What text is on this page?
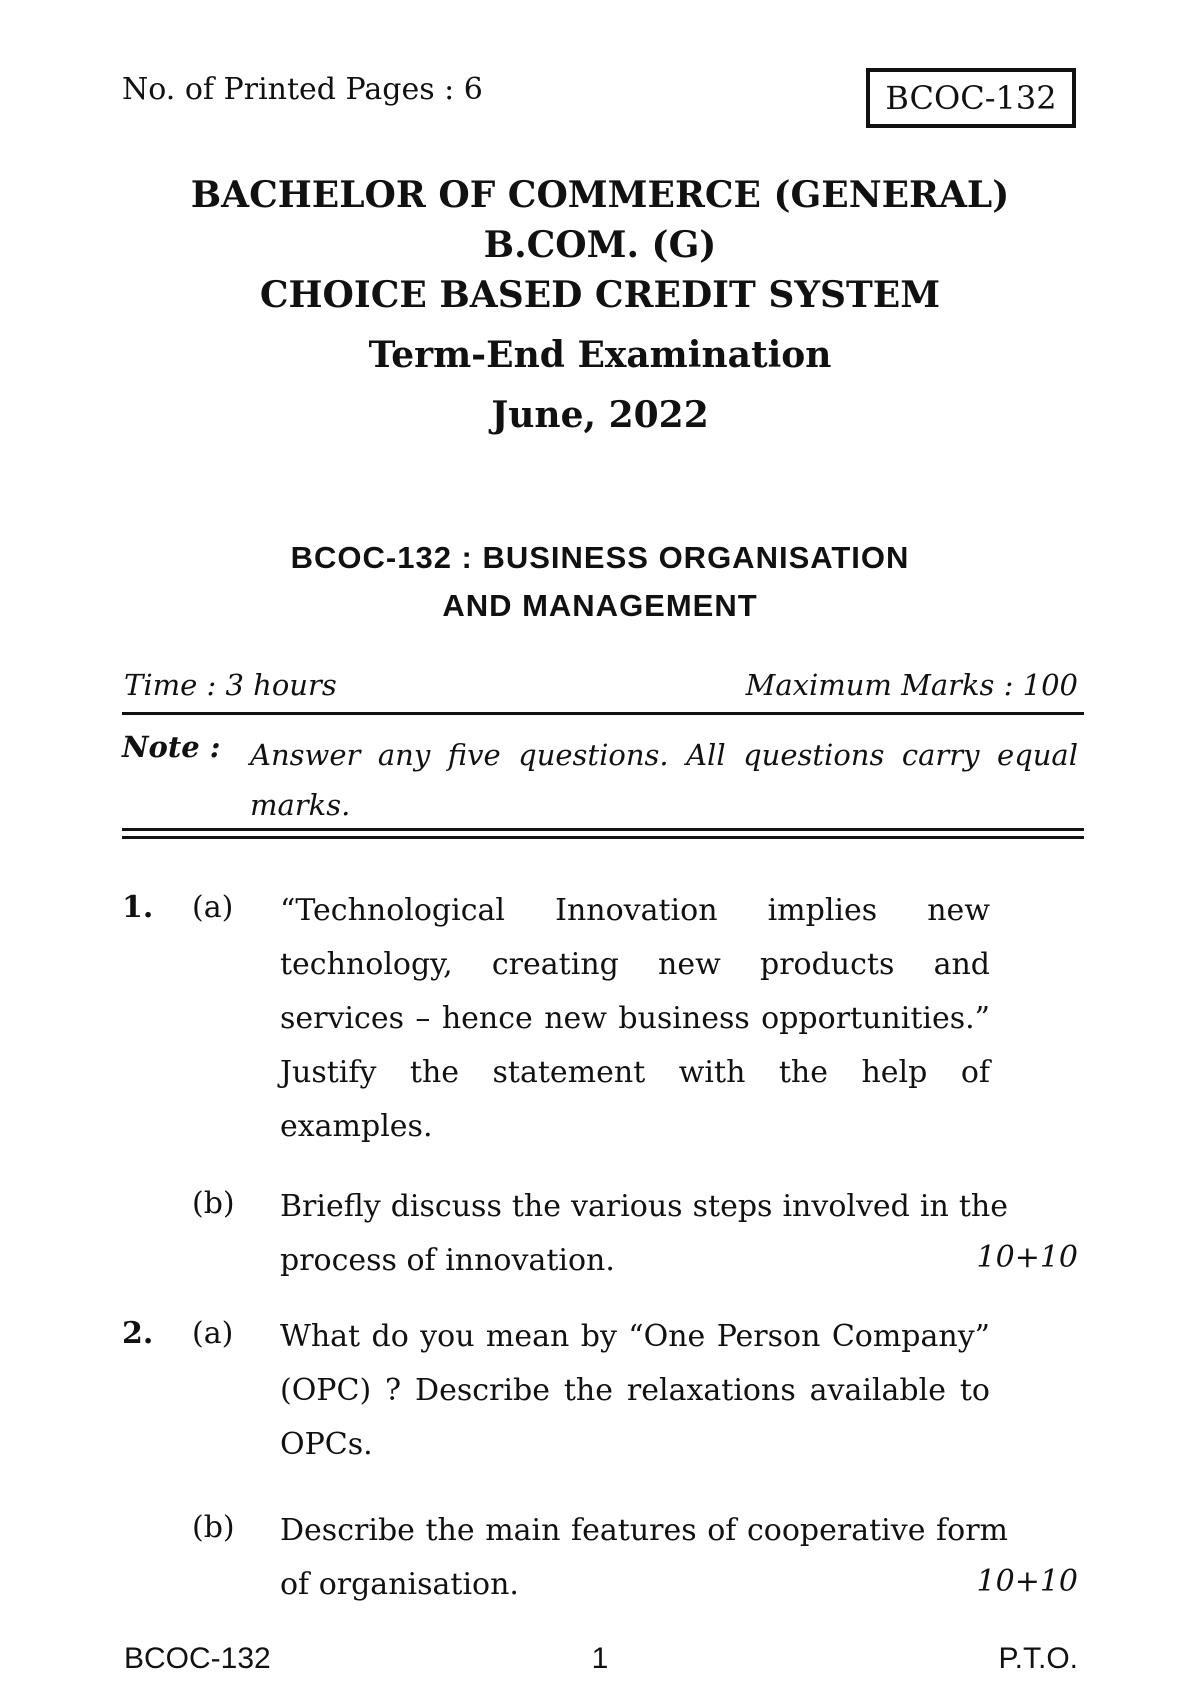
No. of Printed Pages : 6	BCOC-132
BACHELOR OF COMMERCE (GENERAL)
B.COM. (G)
CHOICE BASED CREDIT SYSTEM
Term-End Examination
June, 2022
BCOC-132 : BUSINESS ORGANISATION
AND MANAGEMENT
Time : 3 hours	Maximum Marks : 100
Note : Answer any five questions. All questions carry equal marks.
1. (a) “Technological Innovation implies new technology, creating new products and services – hence new business opportunities.” Justify the statement with the help of examples.
(b) Briefly discuss the various steps involved in the process of innovation.	10+10
2. (a) What do you mean by “One Person Company” (OPC) ? Describe the relaxations available to OPCs.
(b) Describe the main features of cooperative form of organisation.	10+10
BCOC-132	1	P.T.O.
